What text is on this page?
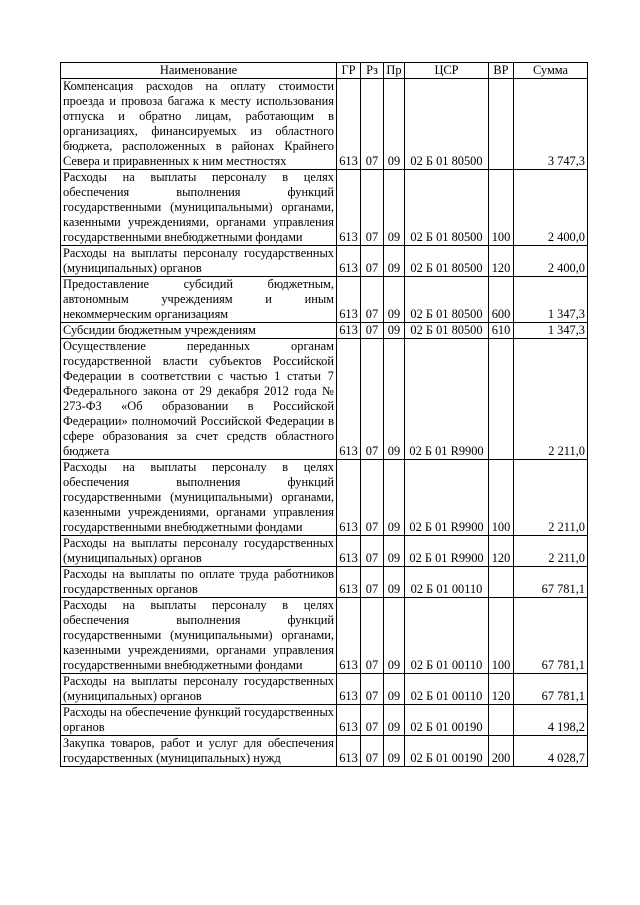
Наименование	ГР	Рз	Пр	ЦСР	ВР	Сумма
Компенсация расходов на оплату стоимости проезда и провоза багажа к месту использования отпуска и обратно лицам, работающим в организациях, финансируемых из областного бюджета, расположенных в районах Крайнего Севера и приравненных к ним местностях	613	07	09	02 Б 01 80500		3 747,3
Расходы на выплаты персоналу в целях обеспечения выполнения функций государственными (муниципальными) органами, казенными учреждениями, органами управления государственными внебюджетными фондами	613	07	09	02 Б 01 80500	100	2 400,0
Расходы на выплаты персоналу государственных (муниципальных) органов	613	07	09	02 Б 01 80500	120	2 400,0
Предоставление субсидий бюджетным, автономным учреждениям и иным некоммерческим организациям	613	07	09	02 Б 01 80500	600	1 347,3
Субсидии бюджетным учреждениям	613	07	09	02 Б 01 80500	610	1 347,3
Осуществление переданных органам государственной власти субъектов Российской Федерации в соответствии с частью 1 статьи 7 Федерального закона от 29 декабря 2012 года № 273-ФЗ «Об образовании в Российской Федерации» полномочий Российской Федерации в сфере образования за счет средств областного бюджета	613	07	09	02 Б 01 R9900		2 211,0
Расходы на выплаты персоналу в целях обеспечения выполнения функций государственными (муниципальными) органами, казенными учреждениями, органами управления государственными внебюджетными фондами	613	07	09	02 Б 01 R9900	100	2 211,0
Расходы на выплаты персоналу государственных (муниципальных) органов	613	07	09	02 Б 01 R9900	120	2 211,0
Расходы на выплаты по оплате труда работников государственных органов	613	07	09	02 Б 01 00110		67 781,1
Расходы на выплаты персоналу в целях обеспечения выполнения функций государственными (муниципальными) органами, казенными учреждениями, органами управления государственными внебюджетными фондами	613	07	09	02 Б 01 00110	100	67 781,1
Расходы на выплаты персоналу государственных (муниципальных) органов	613	07	09	02 Б 01 00110	120	67 781,1
Расходы на обеспечение функций государственных органов	613	07	09	02 Б 01 00190		4 198,2
Закупка товаров, работ и услуг для обеспечения государственных (муниципальных) нужд	613	07	09	02 Б 01 00190	200	4 028,7
